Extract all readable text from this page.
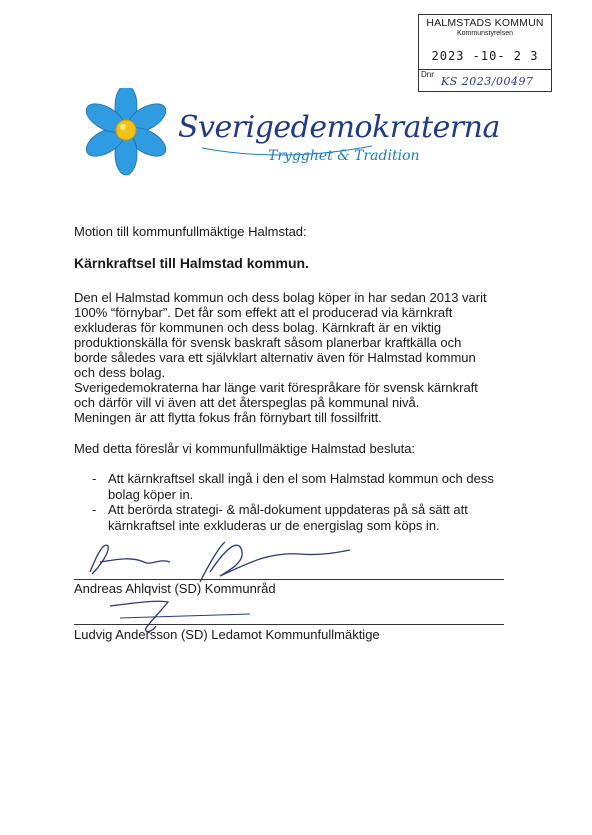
HALMSTADS KOMMUN
Kommunstyrelsen
2023 -10- 2 3
Dnr
KS 2023/00497
Sverigedemokraterna
Trygghet & Tradition
Motion till kommunfullmäktige Halmstad:
Kärnkraftsel till Halmstad kommun.
Den el Halmstad kommun och dess bolag köper in har sedan 2013 varit
100% “förnybar”. Det får som effekt att el producerad via kärnkraft
exkluderas för kommunen och dess bolag. Kärnkraft är en viktig
produktionskälla för svensk baskraft såsom planerbar kraftkälla och
borde således vara ett självklart alternativ även för Halmstad kommun
och dess bolag.
Sverigedemokraterna har länge varit förespråkare för svensk kärnkraft
och därför vill vi även att det återspeglas på kommunal nivå.
Meningen är att flytta fokus från förnybart till fossilfritt.
Med detta föreslår vi kommunfullmäktige Halmstad besluta:
- Att kärnkraftsel skall ingå i den el som Halmstad kommun och dess
bolag köper in.
- Att berörda strategi- & mål-dokument uppdateras på så sätt att
kärnkraftsel inte exkluderas ur de energislag som köps in.
Andreas Ahlqvist (SD) Kommunråd
Ludvig Andersson (SD) Ledamot Kommunfullmäktige
